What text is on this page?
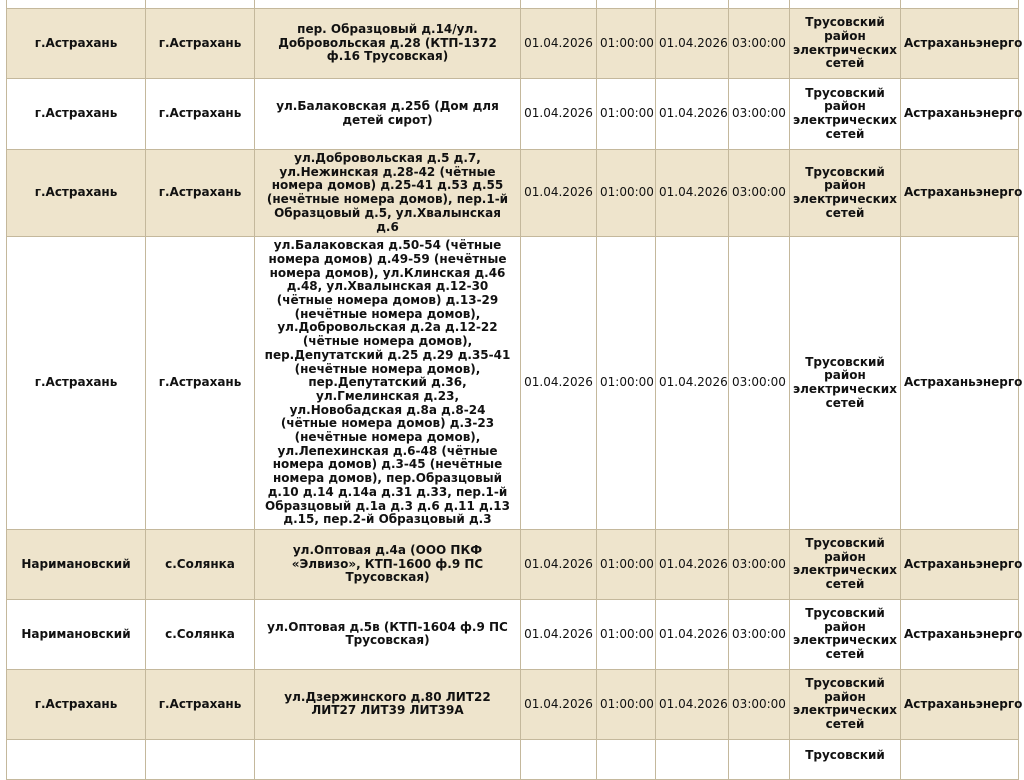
г.Астрахань	г.Астрахань	пер. Образцовый д.14/ул. Добровольская д.28 (КТП-1372 ф.16 Трусовская)	01.04.2026	01:00:00	01.04.2026	03:00:00	Трусовский район электрических сетей	Астраханьэнерго
г.Астрахань	г.Астрахань	ул.Балаковская д.25б (Дом для детей сирот)	01.04.2026	01:00:00	01.04.2026	03:00:00	Трусовский район электрических сетей	Астраханьэнерго
г.Астрахань	г.Астрахань	ул.Добровольская д.5 д.7, ул.Нежинская д.28-42 (чётные номера домов) д.25-41 д.53 д.55 (нечётные номера домов), пер.1-й Образцовый д.5, ул.Хвалынская д.6	01.04.2026	01:00:00	01.04.2026	03:00:00	Трусовский район электрических сетей	Астраханьэнерго
г.Астрахань	г.Астрахань	ул.Балаковская д.50-54 (чётные номера домов) д.49-59 (нечётные номера домов), ул.Клинская д.46 д.48, ул.Хвалынская д.12-30 (чётные номера домов) д.13-29 (нечётные номера домов), ул.Добровольская д.2а д.12-22 (чётные номера домов), пер.Депутатский д.25 д.29 д.35-41 (нечётные номера домов), пер.Депутатский д.36, ул.Гмелинская д.23, ул.Новобадская д.8а д.8-24 (чётные номера домов) д.3-23 (нечётные номера домов), ул.Лепехинская д.6-48 (чётные номера домов) д.3-45 (нечётные номера домов), пер.Образцовый д.10 д.14 д.14а д.31 д.33, пер.1-й Образцовый д.1а д.3 д.6 д.11 д.13 д.15, пер.2-й Образцовый д.3	01.04.2026	01:00:00	01.04.2026	03:00:00	Трусовский район электрических сетей	Астраханьэнерго
Наримановский	с.Солянка	ул.Оптовая д.4а (ООО ПКФ «Элвизо», КТП-1600 ф.9 ПС Трусовская)	01.04.2026	01:00:00	01.04.2026	03:00:00	Трусовский район электрических сетей	Астраханьэнерго
Наримановский	с.Солянка	ул.Оптовая д.5в (КТП-1604 ф.9 ПС Трусовская)	01.04.2026	01:00:00	01.04.2026	03:00:00	Трусовский район электрических сетей	Астраханьэнерго
г.Астрахань	г.Астрахань	ул.Дзержинского д.80 ЛИТ22 ЛИТ27 ЛИТ39 ЛИТ39А	01.04.2026	01:00:00	01.04.2026	03:00:00	Трусовский район электрических сетей	Астраханьэнерго
							Трусовский	
